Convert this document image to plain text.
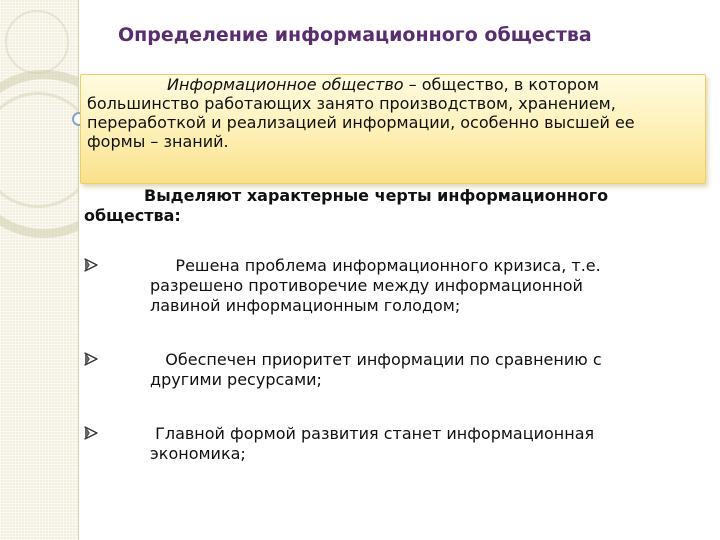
Определение информационного общества

Информационное общество – общество, в котором
большинство работающих занято производством, хранением,
переработкой и реализацией информации, особенно высшей ее
формы – знаний.

Выделяют характерные черты информационного
общества:

Решена проблема информационного кризиса, т.е.
разрешено противоречие между информационной
лавиной информационным голодом;
Обеспечен приоритет информации по сравнению с
другими ресурсами;
Главной формой развития станет информационная
экономика;
